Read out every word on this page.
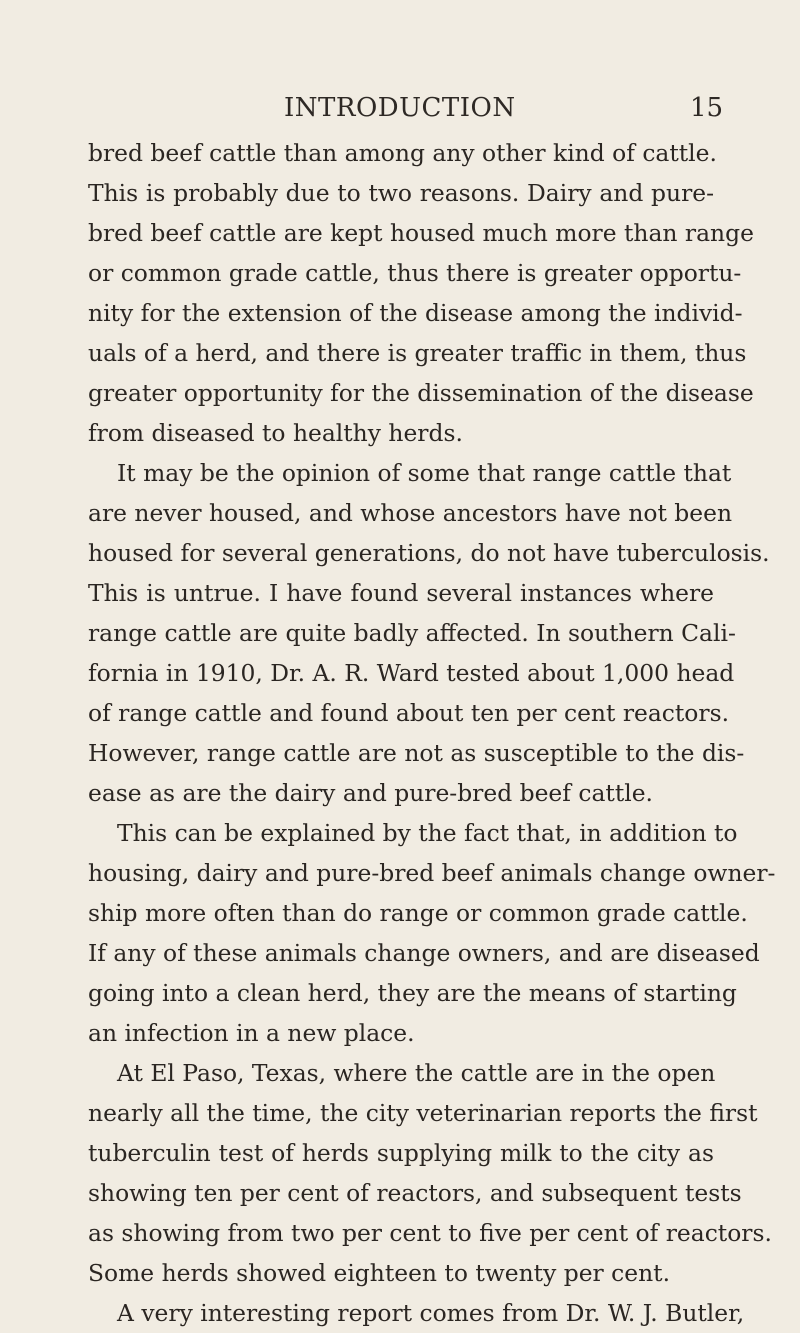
INTRODUCTION	15
bred beef cattle than among any other kind of cattle.
This is probably due to two reasons. Dairy and pure-
bred beef cattle are kept housed much more than range
or common grade cattle, thus there is greater opportu-
nity for the extension of the disease among the individ-
uals of a herd, and there is greater traffic in them, thus
greater opportunity for the dissemination of the disease
from diseased to healthy herds.
It may be the opinion of some that range cattle that
are never housed, and whose ancestors have not been
housed for several generations, do not have tuberculosis.
This is untrue. I have found several instances where
range cattle are quite badly affected. In southern Cali-
fornia in 1910, Dr. A. R. Ward tested about 1,000 head
of range cattle and found about ten per cent reactors.
However, range cattle are not as susceptible to the dis-
ease as are the dairy and pure-bred beef cattle.
This can be explained by the fact that, in addition to
housing, dairy and pure-bred beef animals change owner-
ship more often than do range or common grade cattle.
If any of these animals change owners, and are diseased
going into a clean herd, they are the means of starting
an infection in a new place.
At El Paso, Texas, where the cattle are in the open
nearly all the time, the city veterinarian reports the first
tuberculin test of herds supplying milk to the city as
showing ten per cent of reactors, and subsequent tests
as showing from two per cent to five per cent of reactors.
Some herds showed eighteen to twenty per cent.
A very interesting report comes from Dr. W. J. Butler,
